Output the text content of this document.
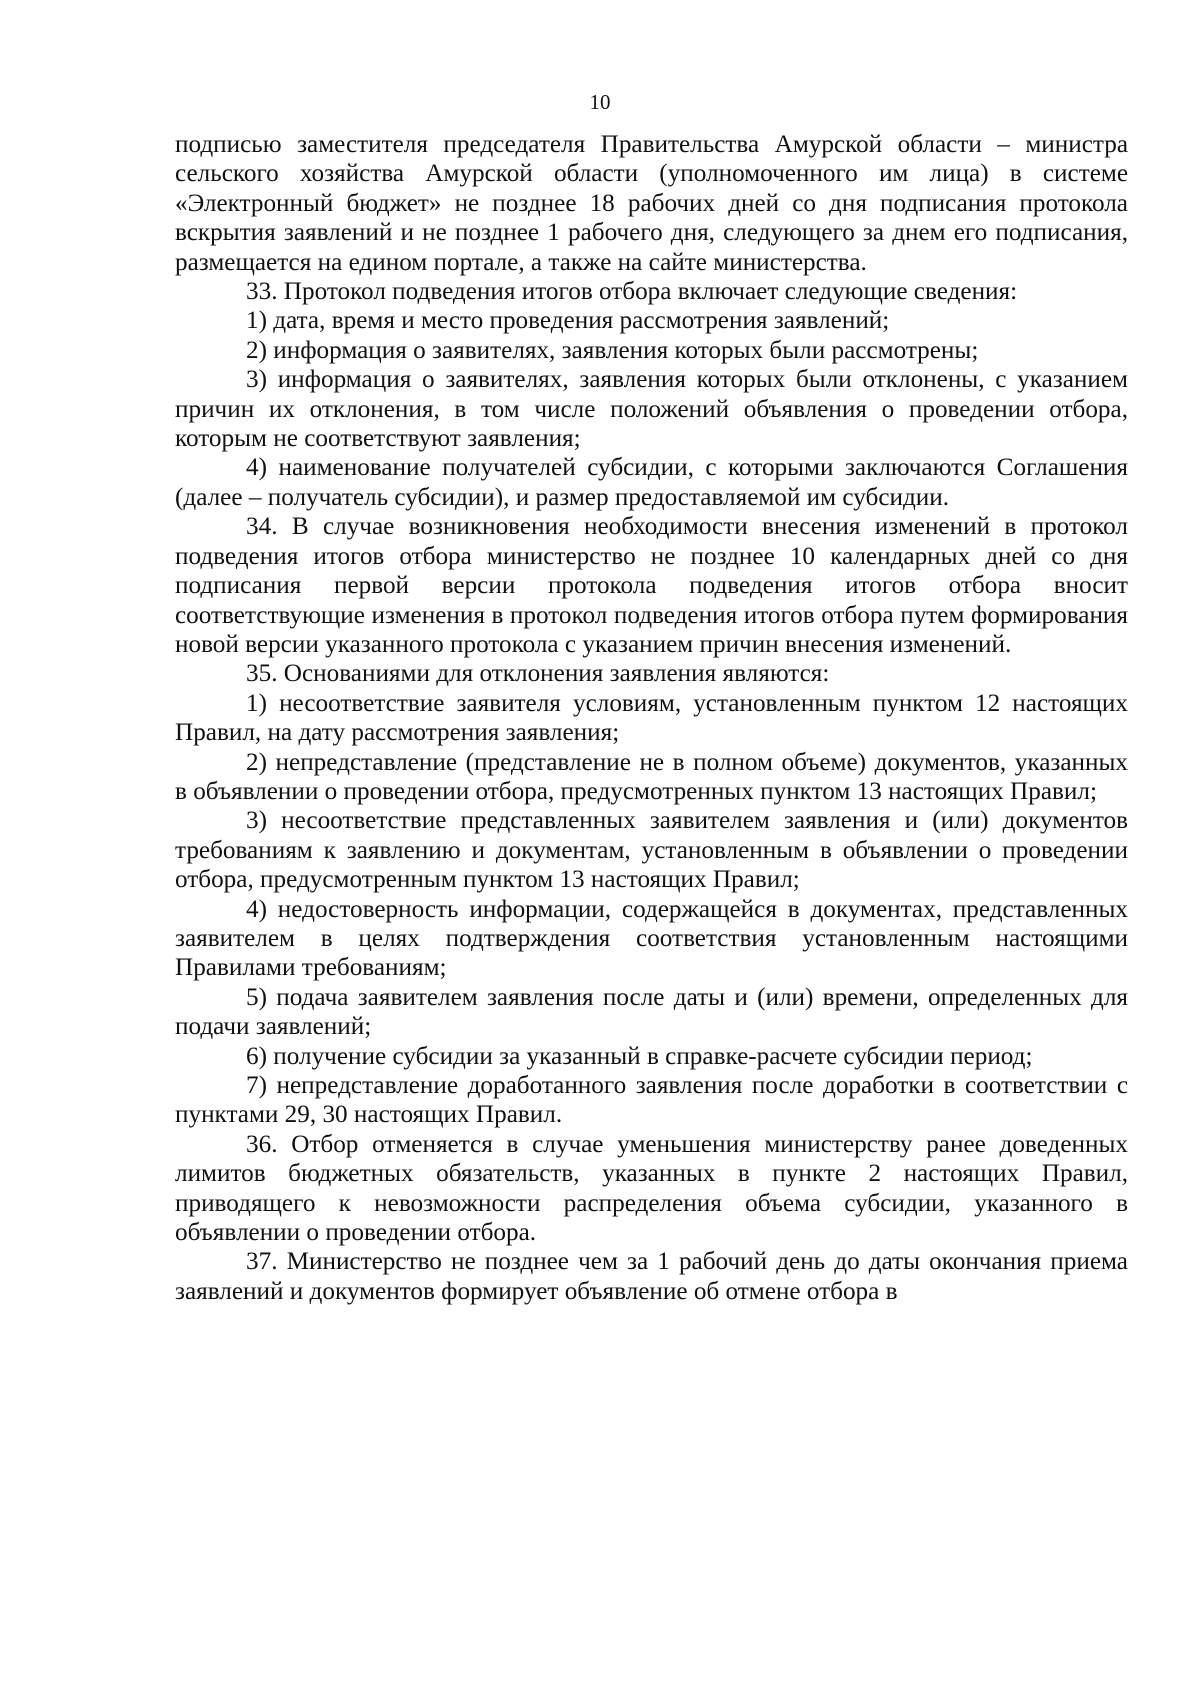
10

подписью заместителя председателя Правительства Амурской области – министра сельского хозяйства Амурской области (уполномоченного им лица) в системе «Электронный бюджет» не позднее 18 рабочих дней со дня подписания протокола вскрытия заявлений и не позднее 1 рабочего дня, следующего за днем его подписания, размещается на едином портале, а также на сайте министерства.

33. Протокол подведения итогов отбора включает следующие сведения:

1) дата, время и место проведения рассмотрения заявлений;

2) информация о заявителях, заявления которых были рассмотрены;

3) информация о заявителях, заявления которых были отклонены, с указанием причин их отклонения, в том числе положений объявления о проведении отбора, которым не соответствуют заявления;

4) наименование получателей субсидии, с которыми заключаются Соглашения (далее – получатель субсидии), и размер предоставляемой им субсидии.

34. В случае возникновения необходимости внесения изменений в протокол подведения итогов отбора министерство не позднее 10 календарных дней со дня подписания первой версии протокола подведения итогов отбора вносит соответствующие изменения в протокол подведения итогов отбора путем формирования новой версии указанного протокола с указанием причин внесения изменений.

35. Основаниями для отклонения заявления являются:

1) несоответствие заявителя условиям, установленным пунктом 12 настоящих Правил, на дату рассмотрения заявления;

2) непредставление (представление не в полном объеме) документов, указанных в объявлении о проведении отбора, предусмотренных пунктом 13 настоящих Правил;

3) несоответствие представленных заявителем заявления и (или) документов требованиям к заявлению и документам, установленным в объявлении о проведении отбора, предусмотренным пунктом 13 настоящих Правил;

4) недостоверность информации, содержащейся в документах, представленных заявителем в целях подтверждения соответствия установленным настоящими Правилами требованиям;

5) подача заявителем заявления после даты и (или) времени, определенных для подачи заявлений;

6) получение субсидии за указанный в справке-расчете субсидии период;

7) непредставление доработанного заявления после доработки в соответствии с пунктами 29, 30 настоящих Правил.

36. Отбор отменяется в случае уменьшения министерству ранее доведенных лимитов бюджетных обязательств, указанных в пункте 2 настоящих Правил, приводящего к невозможности распределения объема субсидии, указанного в объявлении о проведении отбора.

37. Министерство не позднее чем за 1 рабочий день до даты окончания приема заявлений и документов формирует объявление об отмене отбора в
